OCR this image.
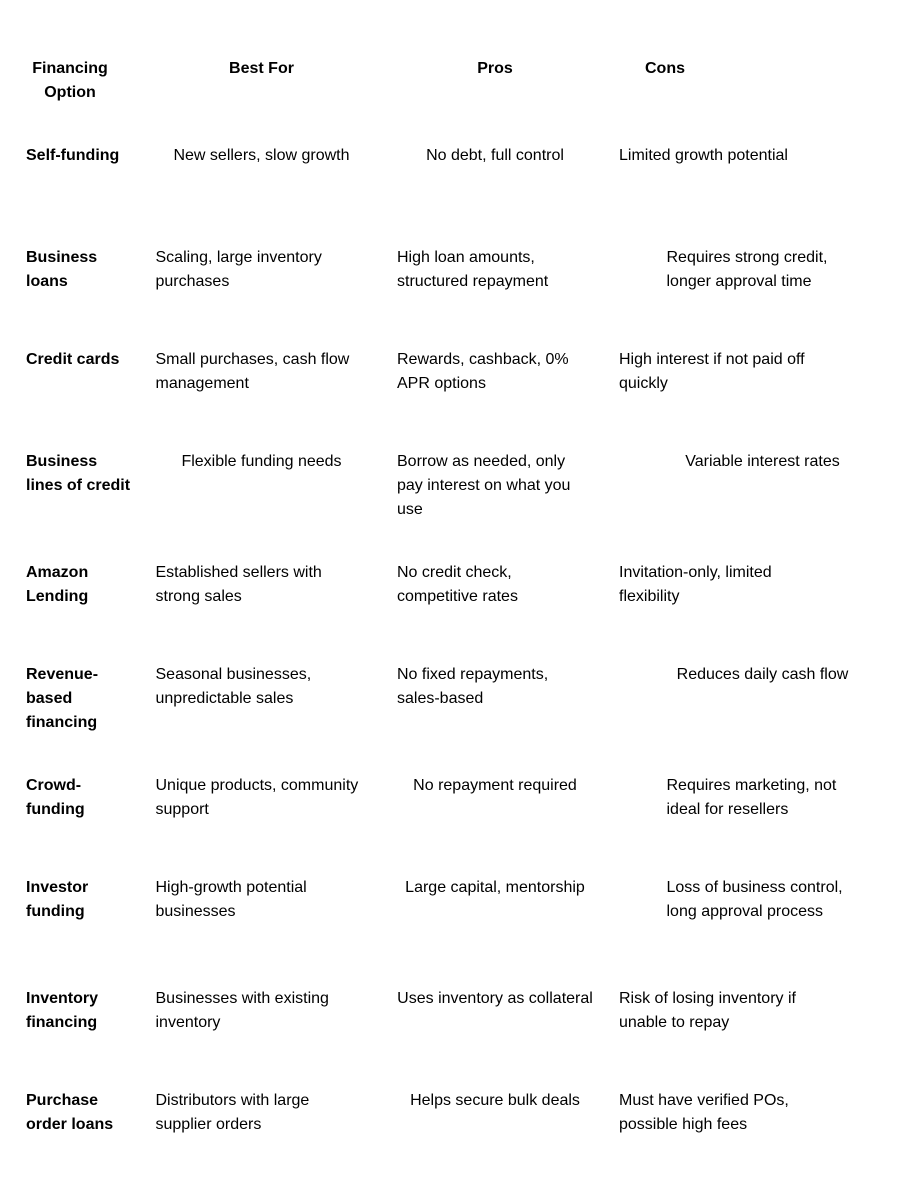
Financing Option	Best For	Pros	Cons

Self-funding	New sellers, slow growth	No debt, full control	Limited growth potential

Business loans	Scaling, large inventory purchases	High loan amounts, structured repayment	Requires strong credit, longer approval time

Credit cards	Small purchases, cash flow management	Rewards, cashback, 0% APR options	High interest if not paid off quickly

Business lines of credit	Flexible funding needs	Borrow as needed, only pay interest on what you use	Variable interest rates

Amazon Lending	Established sellers with strong sales	No credit check, competitive rates	Invitation-only, limited flexibility

Revenue-based financing	Seasonal businesses, unpredictable sales	No fixed repayments, sales-based	Reduces daily cash flow

Crowd-funding	Unique products, community support	No repayment required	Requires marketing, not ideal for resellers

Investor funding	High-growth potential businesses	Large capital, mentorship	Loss of business control, long approval process

Inventory financing	Businesses with existing inventory	Uses inventory as collateral	Risk of losing inventory if unable to repay

Purchase order loans	Distributors with large supplier orders	Helps secure bulk deals	Must have verified POs, possible high fees
